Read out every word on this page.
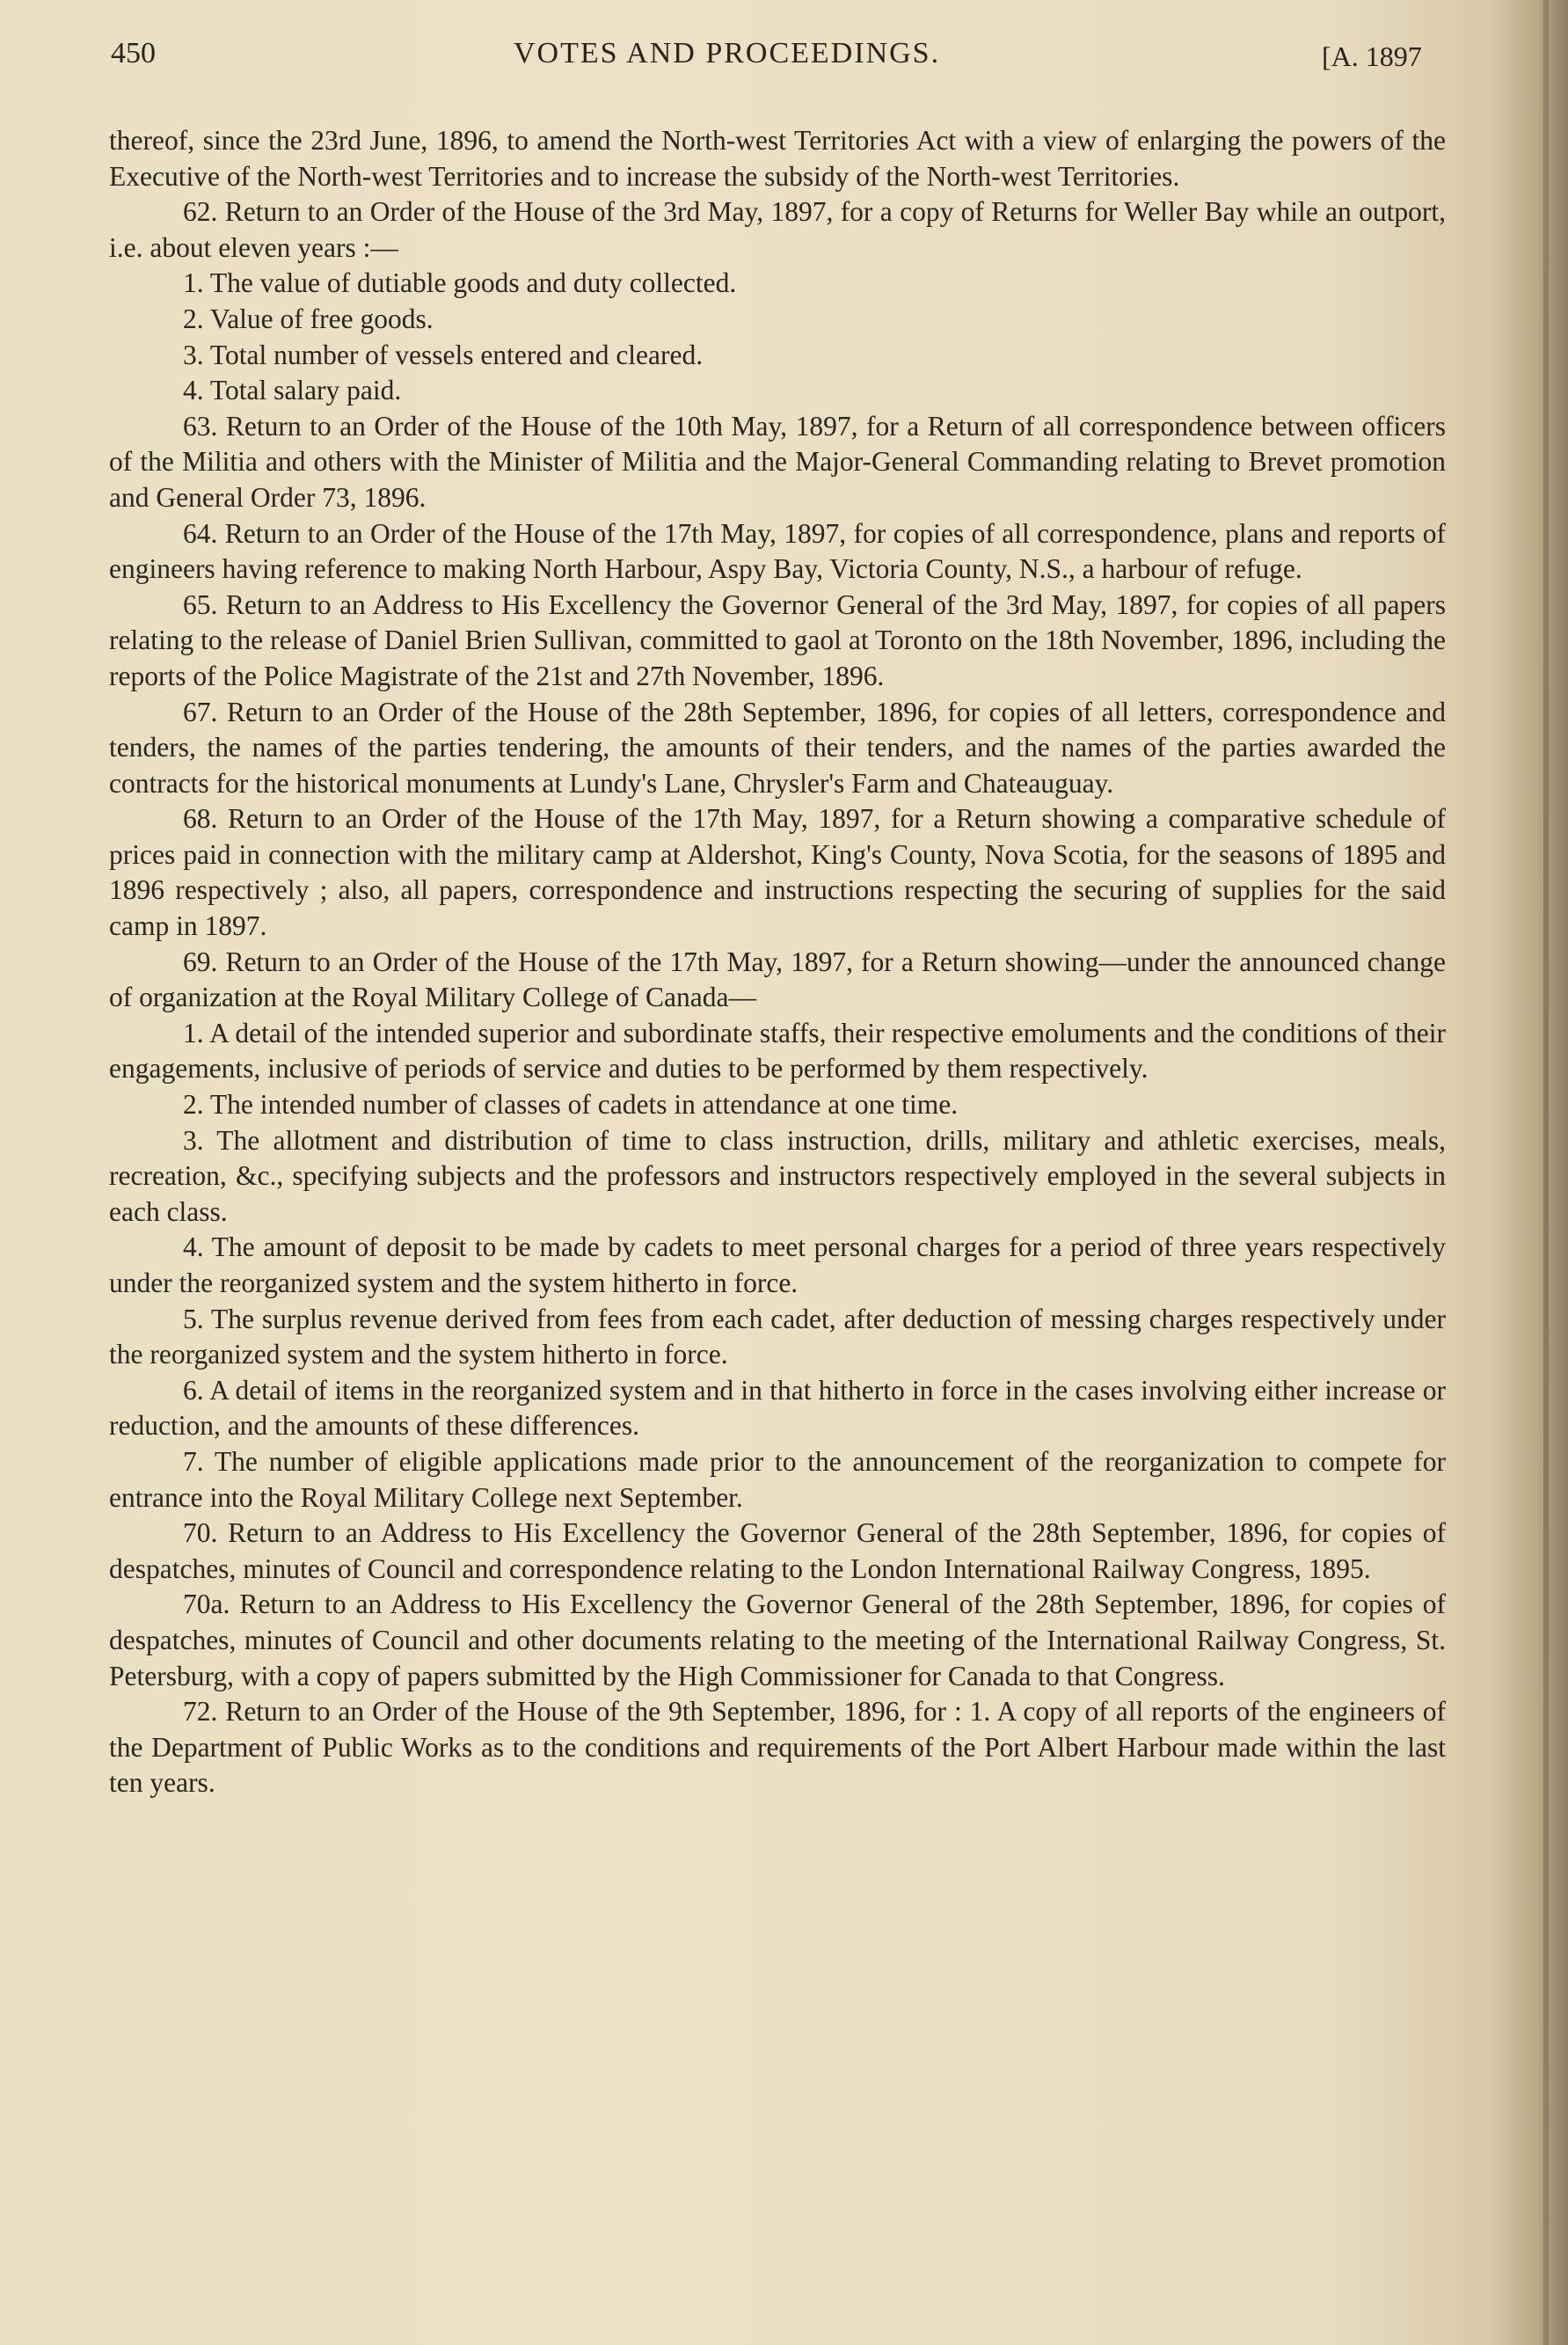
450	VOTES AND PROCEEDINGS.	[A. 1897

thereof, since the 23rd June, 1896, to amend the North-west Territories Act with a view of enlarging the powers of the Executive of the North-west Territories and to increase the subsidy of the North-west Territories.

62. Return to an Order of the House of the 3rd May, 1897, for a copy of Returns for Weller Bay while an outport, i.e. about eleven years :—

1. The value of dutiable goods and duty collected.

2. Value of free goods.

3. Total number of vessels entered and cleared.

4. Total salary paid.

63. Return to an Order of the House of the 10th May, 1897, for a Return of all correspondence between officers of the Militia and others with the Minister of Militia and the Major-General Commanding relating to Brevet promotion and General Order 73, 1896.

64. Return to an Order of the House of the 17th May, 1897, for copies of all correspondence, plans and reports of engineers having reference to making North Harbour, Aspy Bay, Victoria County, N.S., a harbour of refuge.

65. Return to an Address to His Excellency the Governor General of the 3rd May, 1897, for copies of all papers relating to the release of Daniel Brien Sullivan, committed to gaol at Toronto on the 18th November, 1896, including the reports of the Police Magistrate of the 21st and 27th November, 1896.

67. Return to an Order of the House of the 28th September, 1896, for copies of all letters, correspondence and tenders, the names of the parties tendering, the amounts of their tenders, and the names of the parties awarded the contracts for the historical monuments at Lundy's Lane, Chrysler's Farm and Chateauguay.

68. Return to an Order of the House of the 17th May, 1897, for a Return showing a comparative schedule of prices paid in connection with the military camp at Aldershot, King's County, Nova Scotia, for the seasons of 1895 and 1896 respectively ; also, all papers, correspondence and instructions respecting the securing of supplies for the said camp in 1897.

69. Return to an Order of the House of the 17th May, 1897, for a Return showing—under the announced change of organization at the Royal Military College of Canada—

1. A detail of the intended superior and subordinate staffs, their respective emoluments and the conditions of their engagements, inclusive of periods of service and duties to be performed by them respectively.

2. The intended number of classes of cadets in attendance at one time.

3. The allotment and distribution of time to class instruction, drills, military and athletic exercises, meals, recreation, &c., specifying subjects and the professors and instructors respectively employed in the several subjects in each class.

4. The amount of deposit to be made by cadets to meet personal charges for a period of three years respectively under the reorganized system and the system hitherto in force.

5. The surplus revenue derived from fees from each cadet, after deduction of messing charges respectively under the reorganized system and the system hitherto in force.

6. A detail of items in the reorganized system and in that hitherto in force in the cases involving either increase or reduction, and the amounts of these differences.

7. The number of eligible applications made prior to the announcement of the reorganization to compete for entrance into the Royal Military College next September.

70. Return to an Address to His Excellency the Governor General of the 28th September, 1896, for copies of despatches, minutes of Council and correspondence relating to the London International Railway Congress, 1895.

70a. Return to an Address to His Excellency the Governor General of the 28th September, 1896, for copies of despatches, minutes of Council and other documents relating to the meeting of the International Railway Congress, St. Petersburg, with a copy of papers submitted by the High Commissioner for Canada to that Congress.

72. Return to an Order of the House of the 9th September, 1896, for : 1. A copy of all reports of the engineers of the Department of Public Works as to the conditions and requirements of the Port Albert Harbour made within the last ten years.
